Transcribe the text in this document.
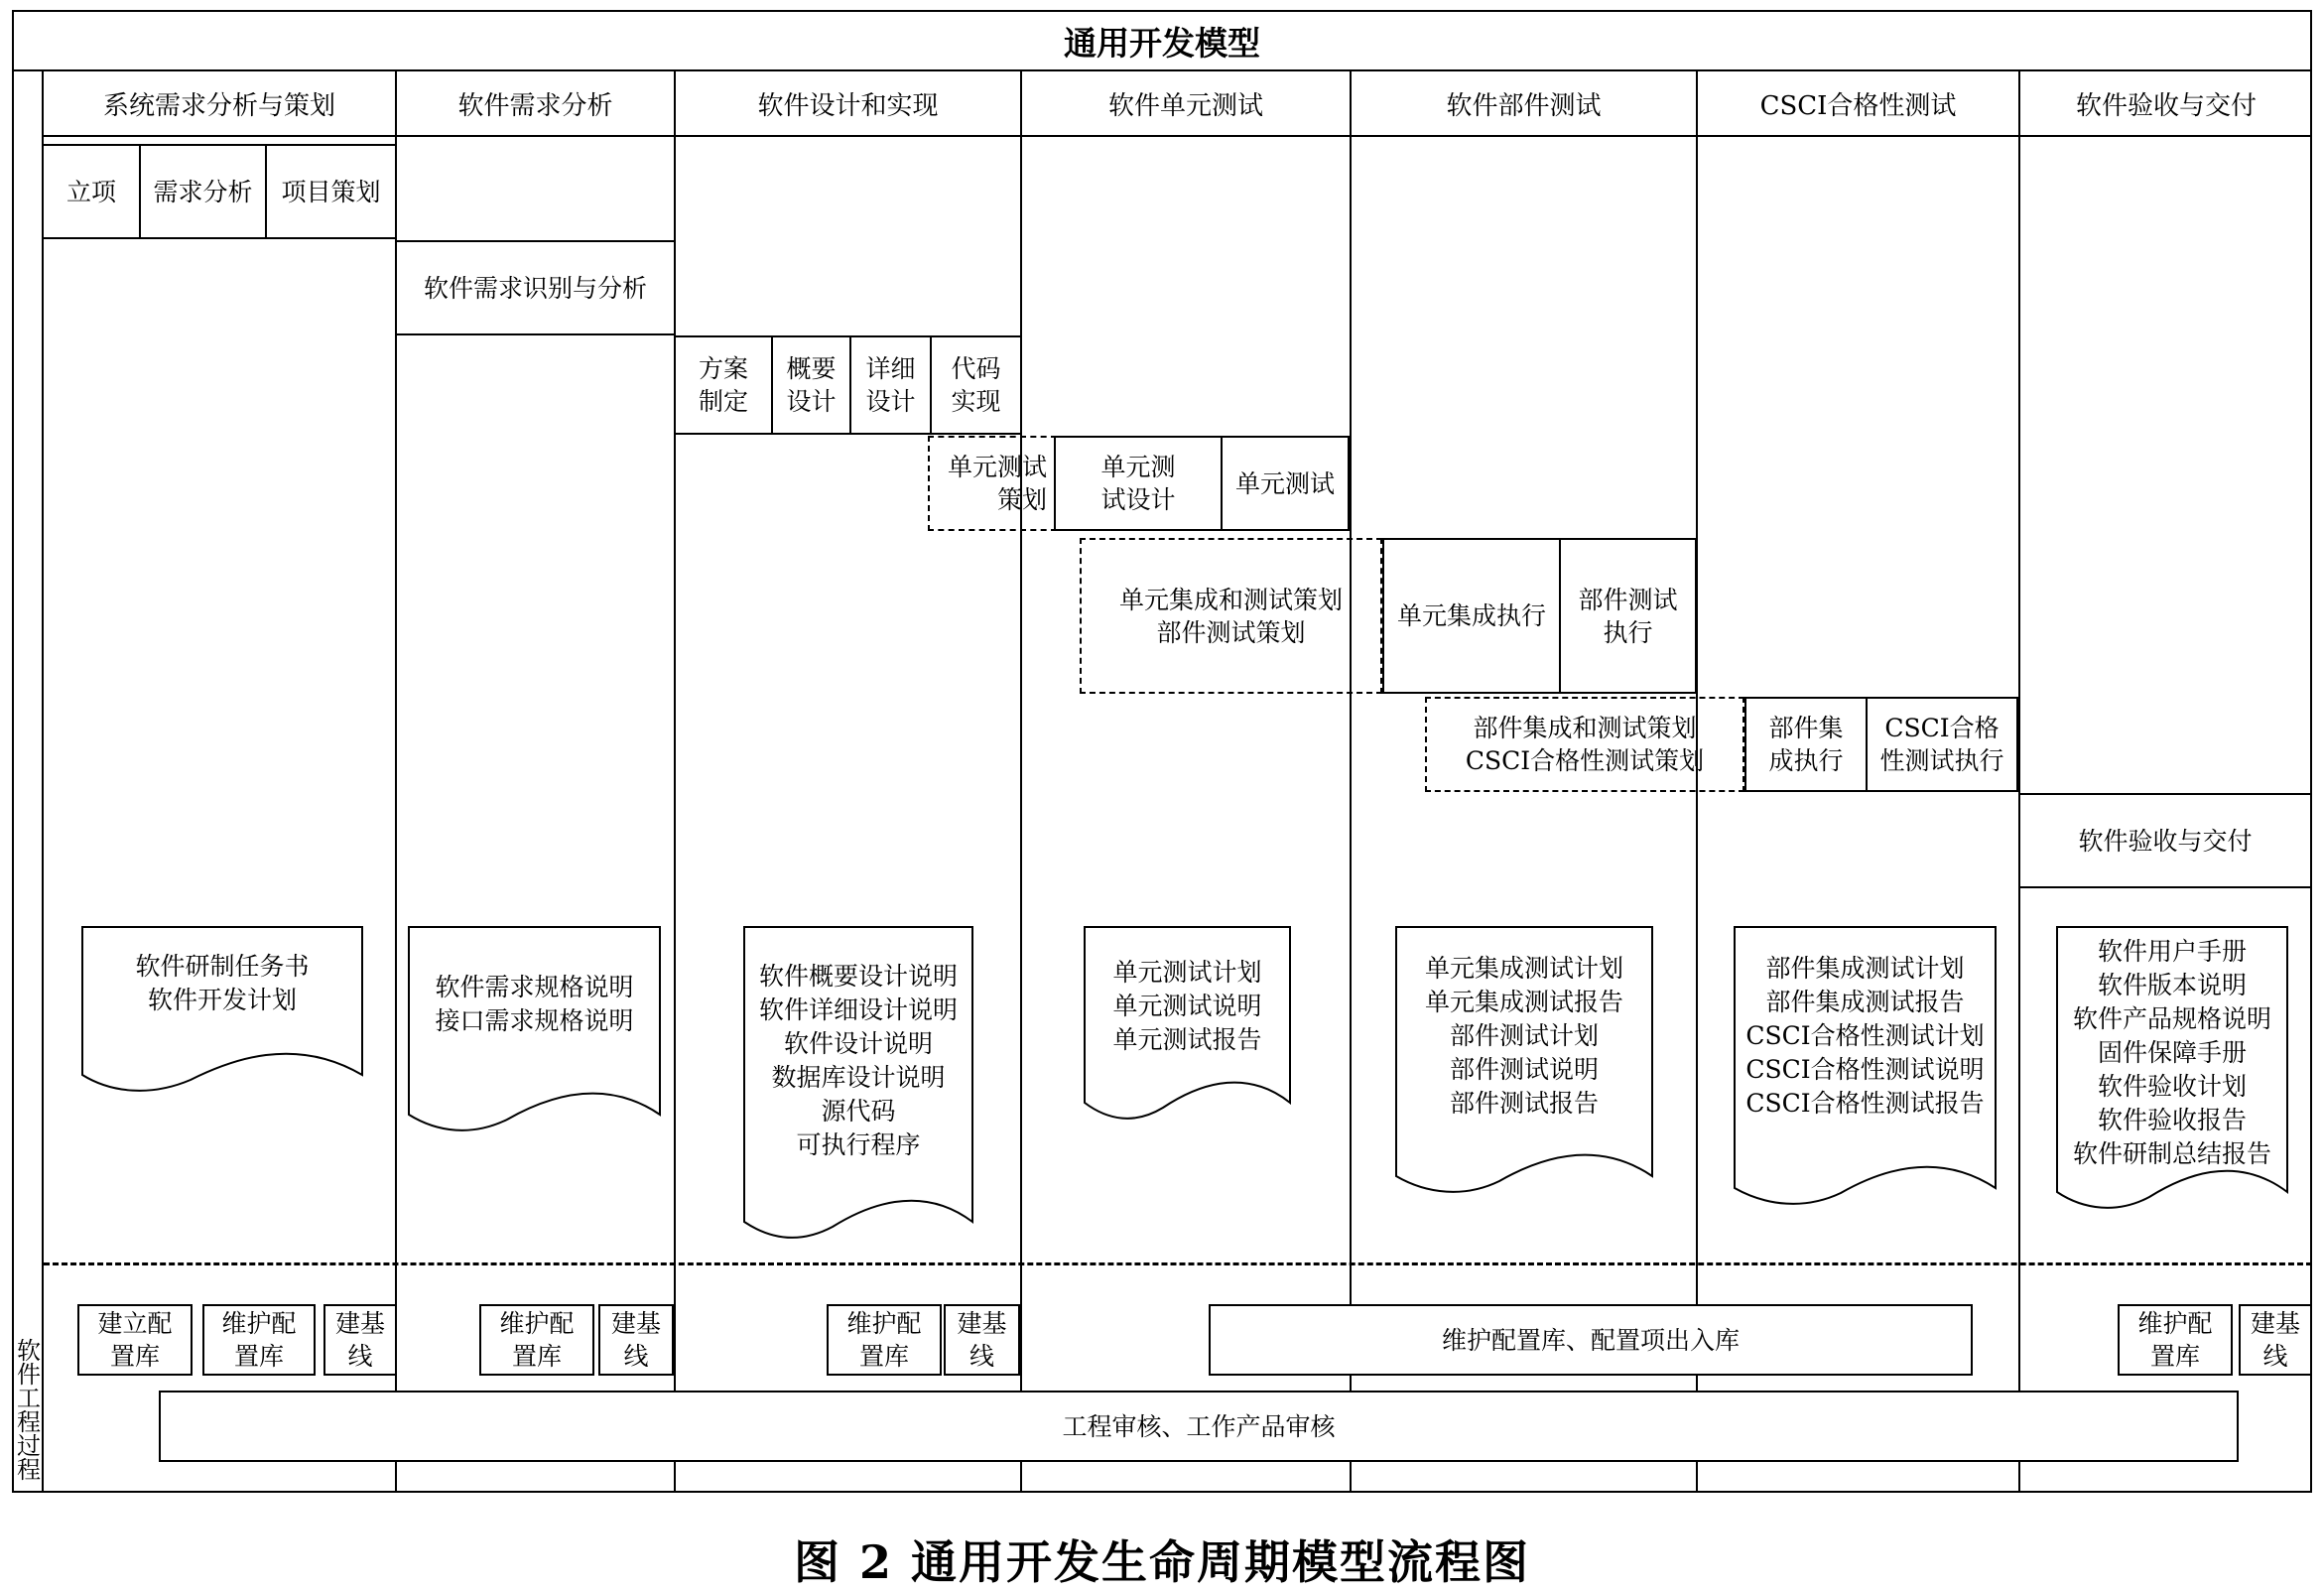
通用开发模型
软件工程过程
系统需求分析与策划	软件需求分析	软件设计和实现	软件单元测试	软件部件测试	CSCI合格性测试	软件验收与交付
立项	需求分析	项目策划
软件需求识别与分析
方案
制定
概要
设计
详细
设计
代码
实现
单元测试
策划
单元测
试设计
单元测试
单元集成和测试策划
部件测试策划
单元集成执行
部件测试
执行
部件集成和测试策划
CSCI合格性测试策划
部件集
成执行
CSCI合格
性测试执行
软件验收与交付
软件研制任务书
软件开发计划	软件需求规格说明
接口需求规格说明
软件概要设计说明
软件详细设计说明
软件设计说明
数据库设计说明
源代码
可执行程序
单元测试计划
单元测试说明
单元测试报告
单元集成测试计划
单元集成测试报告
部件测试计划
部件测试说明
部件测试报告
部件集成测试计划
部件集成测试报告
CSCI合格性测试计划
CSCI合格性测试说明
CSCI合格性测试报告
软件用户手册
软件版本说明
软件产品规格说明
固件保障手册
软件验收计划
软件验收报告
软件研制总结报告
建立配
置库
维护配
置库
建基
线
维护配
置库
建基
线
维护配
置库
建基
线
维护配置库、配置项出入库
维护配
置库
建基
线
工程审核、工作产品审核
图 2 通用开发生命周期模型流程图
